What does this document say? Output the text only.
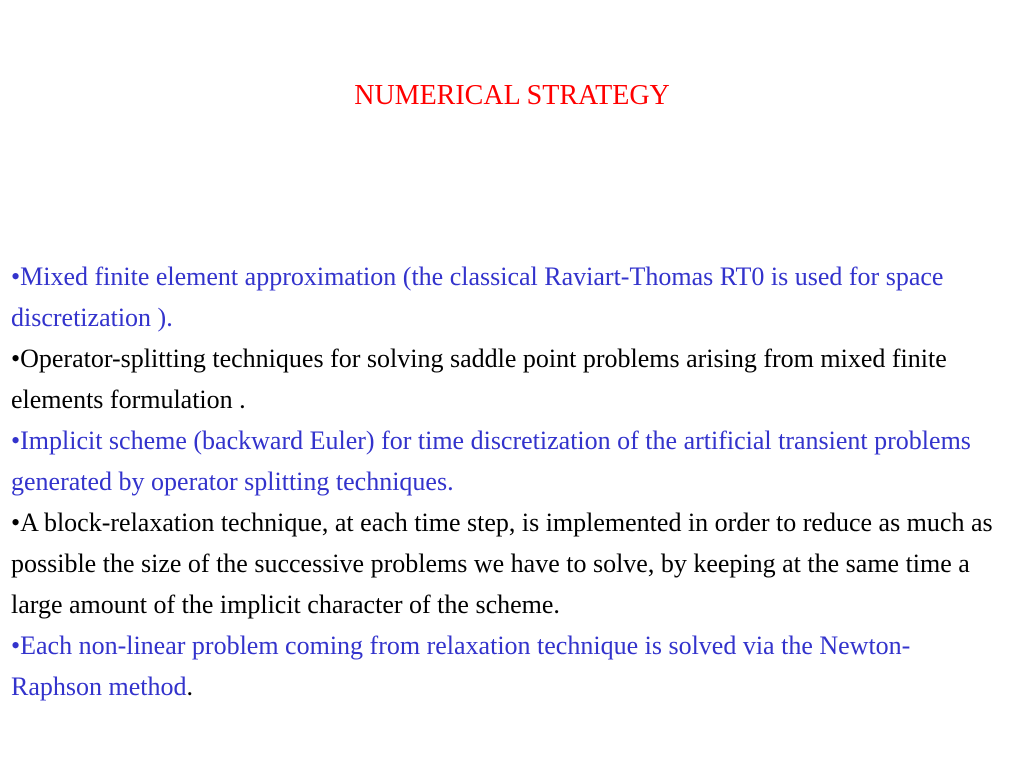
NUMERICAL STRATEGY
•Mixed finite element approximation (the classical Raviart-Thomas RT0 is used for space discretization ).
•Operator-splitting techniques for solving saddle point problems arising from mixed finite elements formulation .
•Implicit scheme (backward Euler) for time discretization of the artificial transient problems generated by operator splitting techniques.
•A block-relaxation technique, at each time step, is implemented in order to reduce as much as possible the size of the successive problems we have to solve, by keeping at the same time a large amount of the implicit character of the scheme.
•Each non-linear problem coming from relaxation technique is solved via the Newton-Raphson method.
